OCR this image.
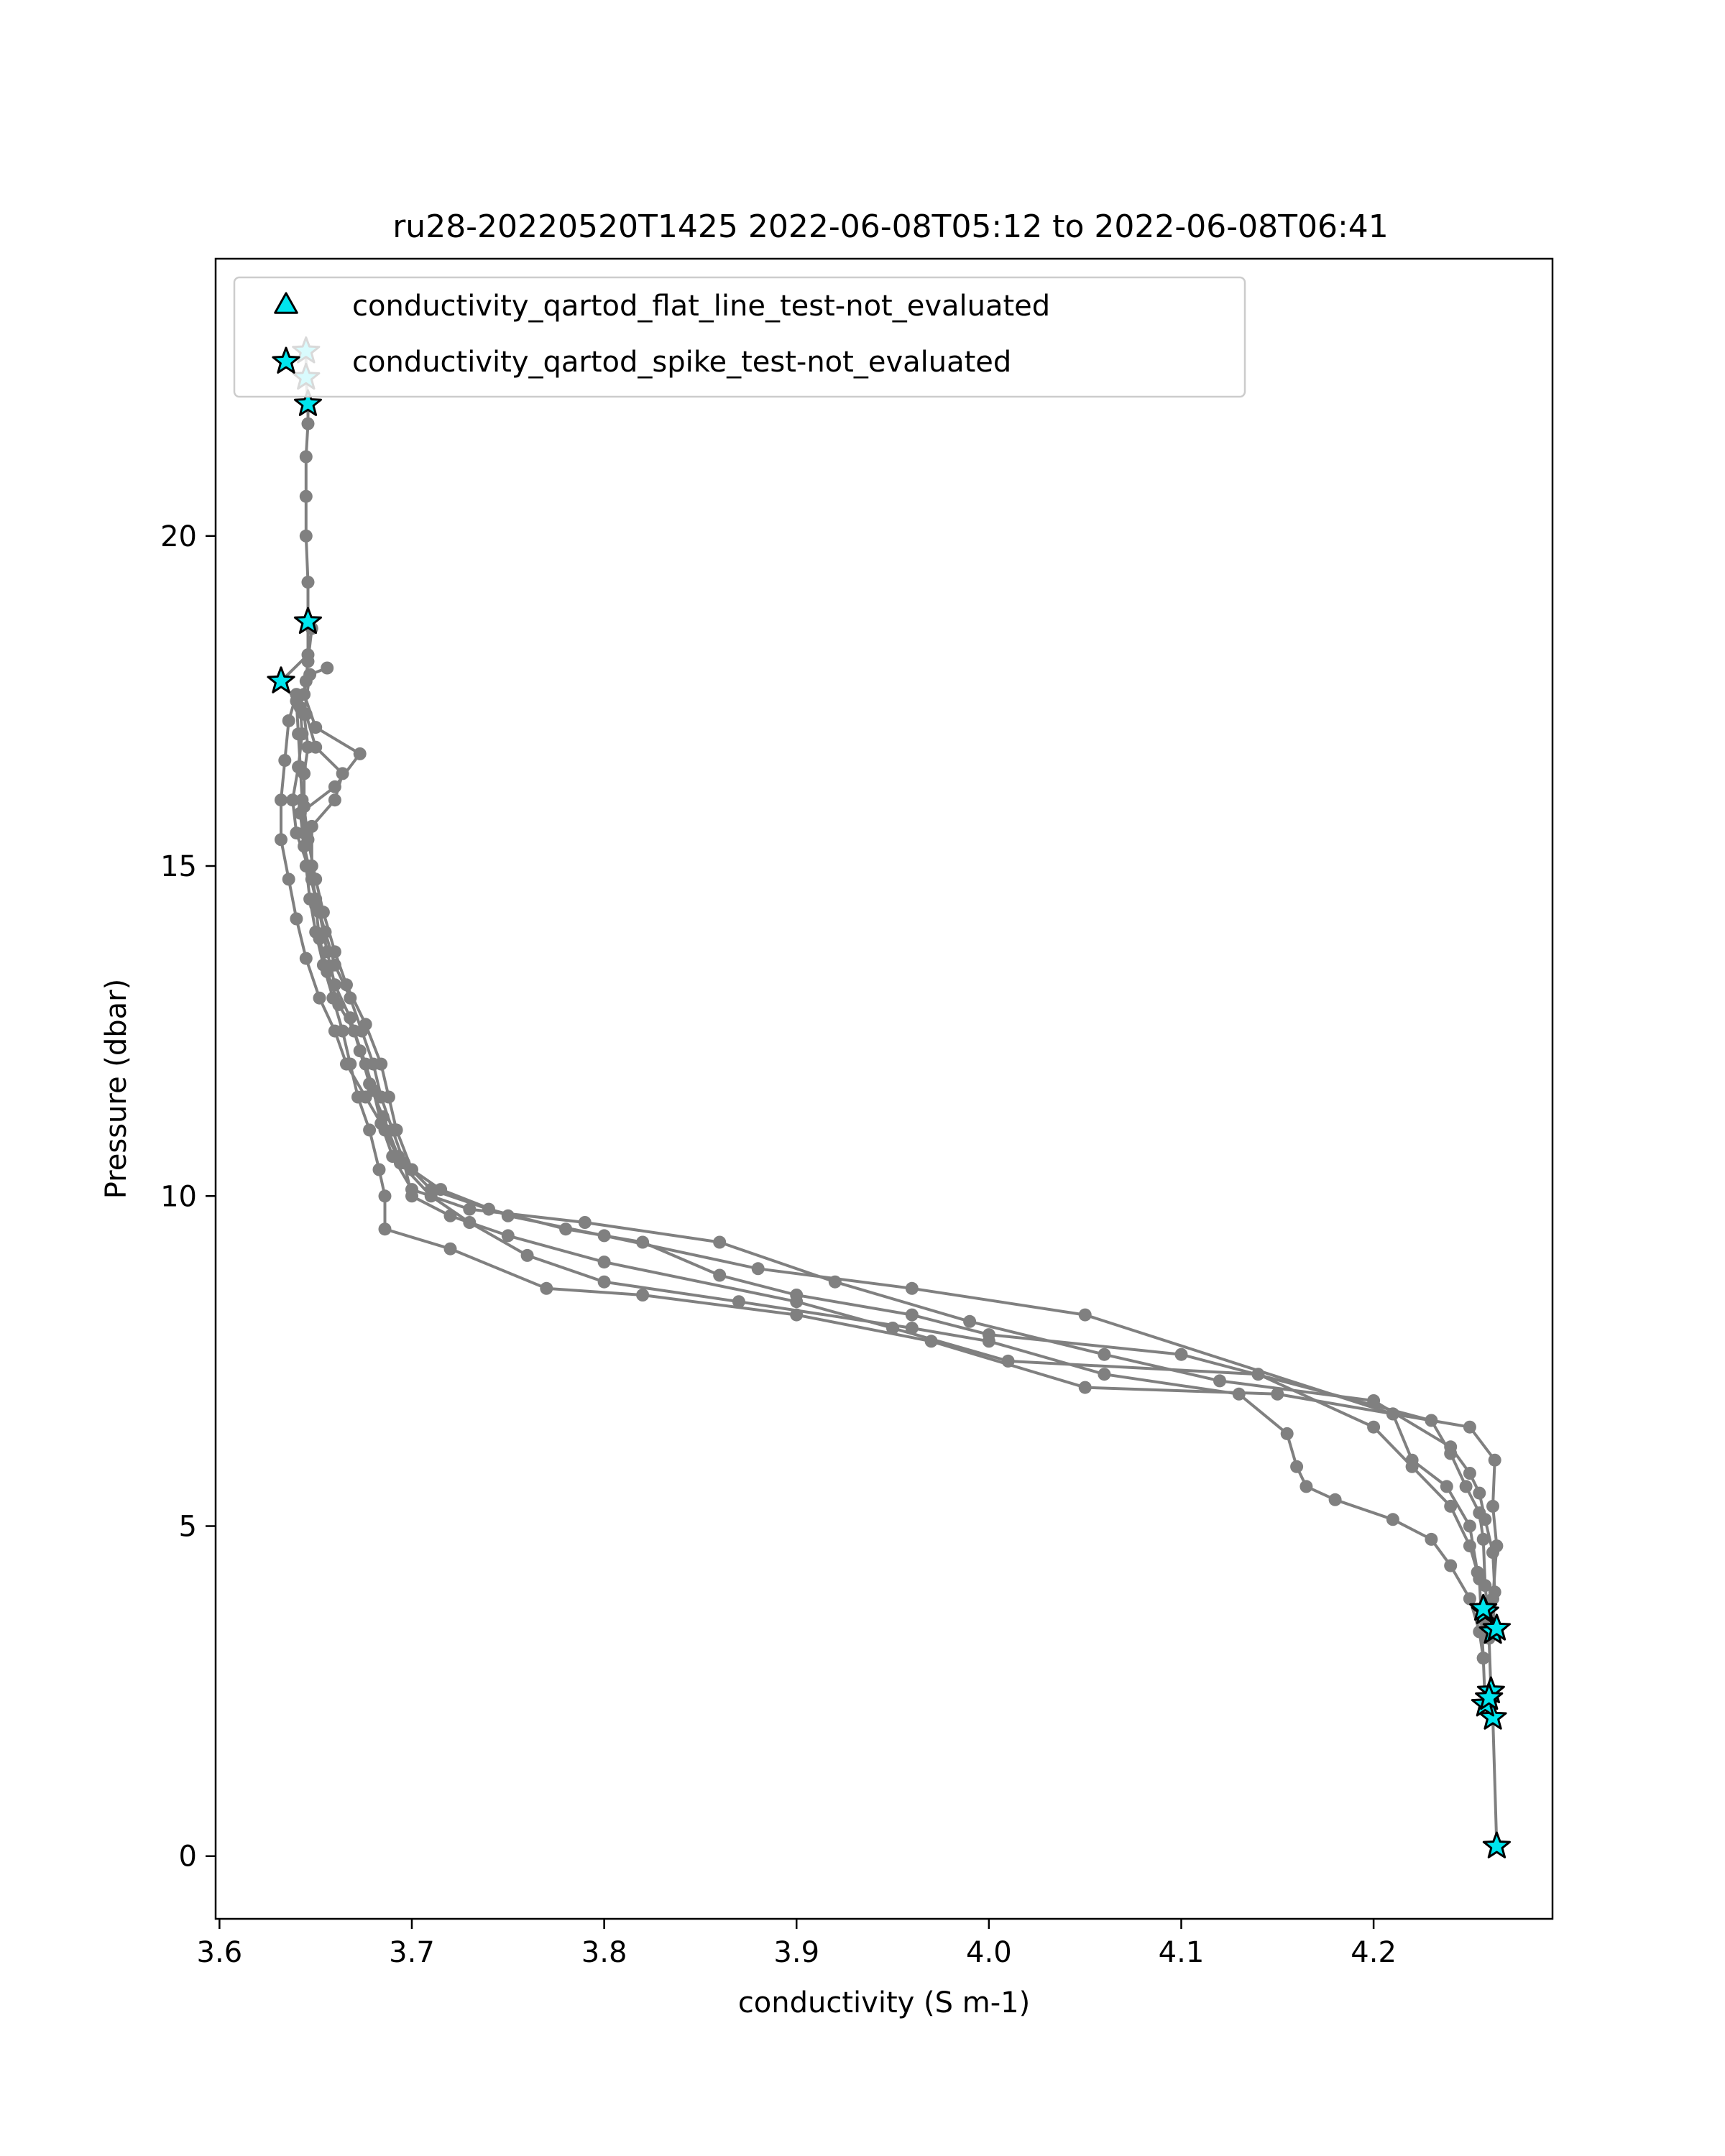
ru28-20220520T1425 2022-06-08T05:12 to 2022-06-08T06:41
3.6	3.7	3.8	3.9	4.0	4.1	4.2
0
5
10
15
20
conductivity (S m-1)
Pressure (dbar)
conductivity_qartod_flat_line_test-not_evaluated
conductivity_qartod_spike_test-not_evaluated
